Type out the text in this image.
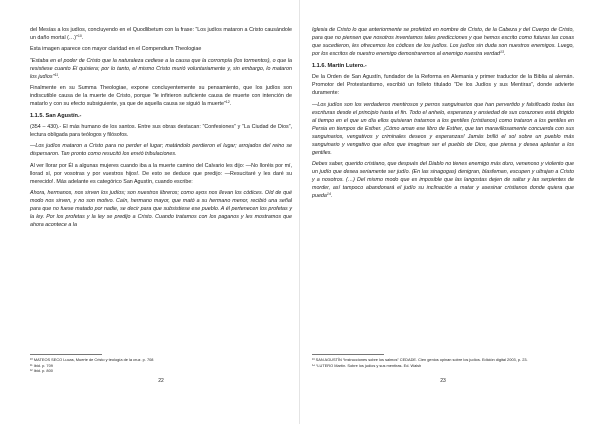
del Mesías a los judíos, concluyendo en el Quodlibetum con la frase: “Los judíos mataron a Cristo causándole un daño mortal (…)”$^{10}$.

Esta imagen aparece con mayor claridad en el Compendium Theologiae

“Estaba en el poder de Cristo que la naturaleza cediese a la causa que la corrompía (los tormentos), o que la resistiese cuanto Él quisiera; por lo tanto, el mismo Cristo murió voluntariamente y, sin embargo, lo mataron los judíos”$^{11}$.

Finalmente en su Summa Theologiae, expone concluyentemente su pensamiento, que los judíos son indiscutible causa de la muerte de Cristo, porque “le infirieron suficiente causa de muerte con intención de matarlo y con su efecto subsiguiente, ya que de aquella causa se siguió la muerte”$^{12}$.

1.1.5. San Agustín.-

(354 – 430).- El más humano de los santos. Entre sus obras destacan: “Confesiones” y “La Ciudad de Dios”, lectura obligada para teólogos y filósofos.

—Los judíos mataron a Cristo para no perder el lugar; matándolo perdieron el lugar; arrojados del reino se dispersaron. Tan pronto como resucitó los envió tribulaciones.

Al ver llorar por Él a algunas mujeres cuando iba a la muerte camino del Calvario les dijo: —No lloréis por mí, llorad sí, por vosotras y por vuestros hijos!. De esto se deduce que predijo: —Resucitaré y les daré su merecido!. Más adelante es categórico San Agustín, cuando escribe:

Ahora, hermanos, nos sirven los judíos; son nuestros libreros; como ayos nos llevan los códices. Oíd de qué modo nos sirven, y no son motivo. Caín, hermano mayor, que mató a su hermano menor, recibió una señal para que no fuese matado por nadie, se decir para que subsistiese ese pueblo. A él pertenecen los profetas y la ley. Por los profetas y la ley se predijo a Cristo. Cuando tratamos con los paganos y les mostramos que ahora acontece a la

¹⁰ MATEOS SECO Lucas, Muerte de Cristo y teología de la cruz. p. 708

¹¹ Ibid. p. 709

¹² Ibid. p. 800

22

Iglesia de Cristo lo que anteriormente se profetizó en nombre de Cristo, de la Cabeza y del Cuerpo de Cristo, para que no piensen que nosotros inventamos tales predicciones y que hemos escrito como futuras las cosas que sucedieron, les ofrecemos los códices de los judíos. Los judíos sin duda son nuestros enemigos. Luego, por los escritos de nuestro enemigo demostraremos al enemigo nuestra verdad$^{13}$.

1.1.6. Martín Lutero.-

De la Orden de San Agustín, fundador de la Reforma en Alemania y primer traductor de la Biblia al alemán. Promotor del Protestantismo, escribió un folleto titulado “De los Judíos y sus Mentiras”, donde advierte duramente:

—Los judíos son los verdaderos mentirosos y perros sanguinarios que han pervertido y falsificado todas las escrituras desde el principio hasta el fin. Todo el anhelo, esperanza y ansiedad de sus corazones está dirigido al tiempo en el que un día ellos quisieran tratarnos a los gentiles (cristianos) como trataron a los gentiles en Persia en tiempos de Esther. ¡Cómo aman ese libro de Esther, que tan maravillosamente concuerda con sus sanguinarios, vengativos y criminales deseos y esperanzas! Jamás brilló el sol sobre un pueblo más sanguinario y vengativo que ellos que imaginan ser el pueblo de Dios, que piensa y desea aplastar a los gentiles.

Debes saber, querido cristiano, que después del Diablo no tienes enemigo más duro, venenoso y violento que un judío que desea seriamente ser judío. (En las sinagogas) denigran, blasfeman, escupen y ultrajan a Cristo y a nosotros. (…) Del mismo modo que es imposible que las langostas dejen de saltar y las serpientes de morder, así tampoco abandonará el judío su inclinación a matar y asesinar cristianos donde quiera que pueda$^{14}$.

¹³ SAN AGUSTÍN “Instrucciones sobre los salmos” CEDADE. Cien genios opinan sobre los judíos. Edición digital 2003, p. 23.

¹⁴ “LUTERO Martín. Sobre los judíos y sus mentiras. Ed. Walsh

23
